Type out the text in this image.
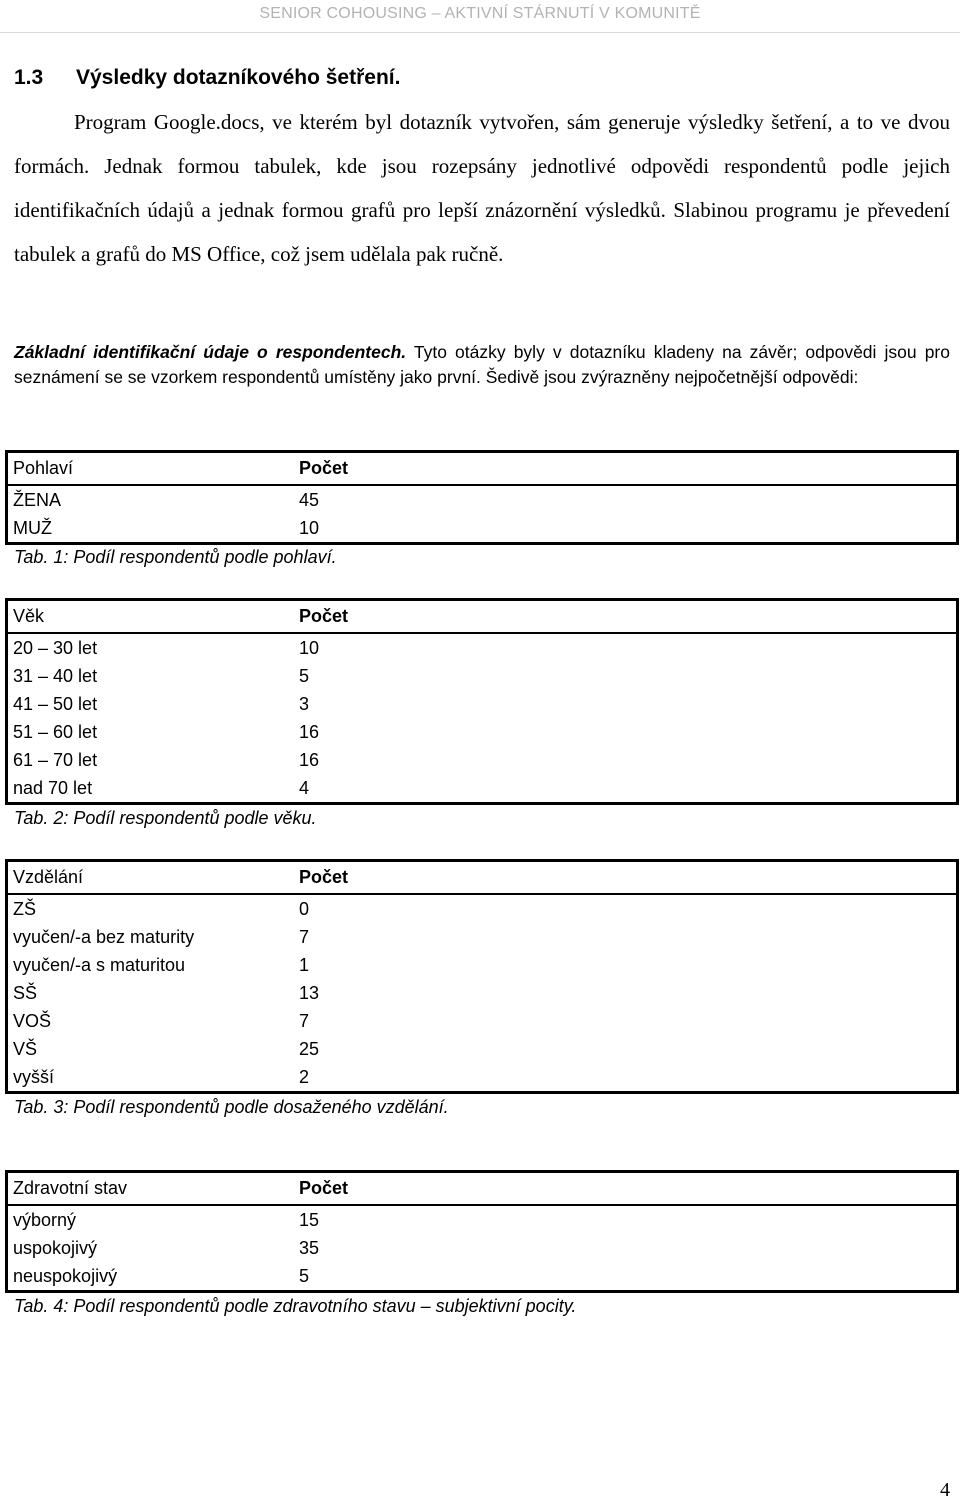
SENIOR COHOUSING – AKTIVNÍ STÁRNUTÍ V KOMUNITĚ
1.3 Výsledky dotazníkového šetření.

Program Google.docs, ve kterém byl dotazník vytvořen, sám generuje výsledky šetření, a to ve dvou formách. Jednak formou tabulek, kde jsou rozepsány jednotlivé odpovědi respondentů podle jejich identifikačních údajů a jednak formou grafů pro lepší znázornění výsledků. Slabinou programu je převedení tabulek a grafů do MS Office, což jsem udělala pak ručně.

Základní identifikační údaje o respondentech. Tyto otázky byly v dotazníku kladeny na závěr; odpovědi jsou pro seznámení se se vzorkem respondentů umístěny jako první. Šedivě jsou zvýrazněny nejpočetnější odpovědi:

Pohlaví	Počet
ŽENA	45
MUŽ	10
Tab. 1: Podíl respondentů podle pohlaví.
Věk	Počet
20 – 30 let	10
31 – 40 let	5
41 – 50 let	3
51 – 60 let	16
61 – 70 let	16
nad 70 let	4
Tab. 2: Podíl respondentů podle věku.
Vzdělání	Počet
ZŠ	0
vyučen/-a bez maturity	7
vyučen/-a s maturitou	1
SŠ	13
VOŠ	7
VŠ	25
vyšší	2
Tab. 3: Podíl respondentů podle dosaženého vzdělání.
Zdravotní stav	Počet
výborný	15
uspokojivý	35
neuspokojivý	5
Tab. 4: Podíl respondentů podle zdravotního stavu – subjektivní pocity.
4
